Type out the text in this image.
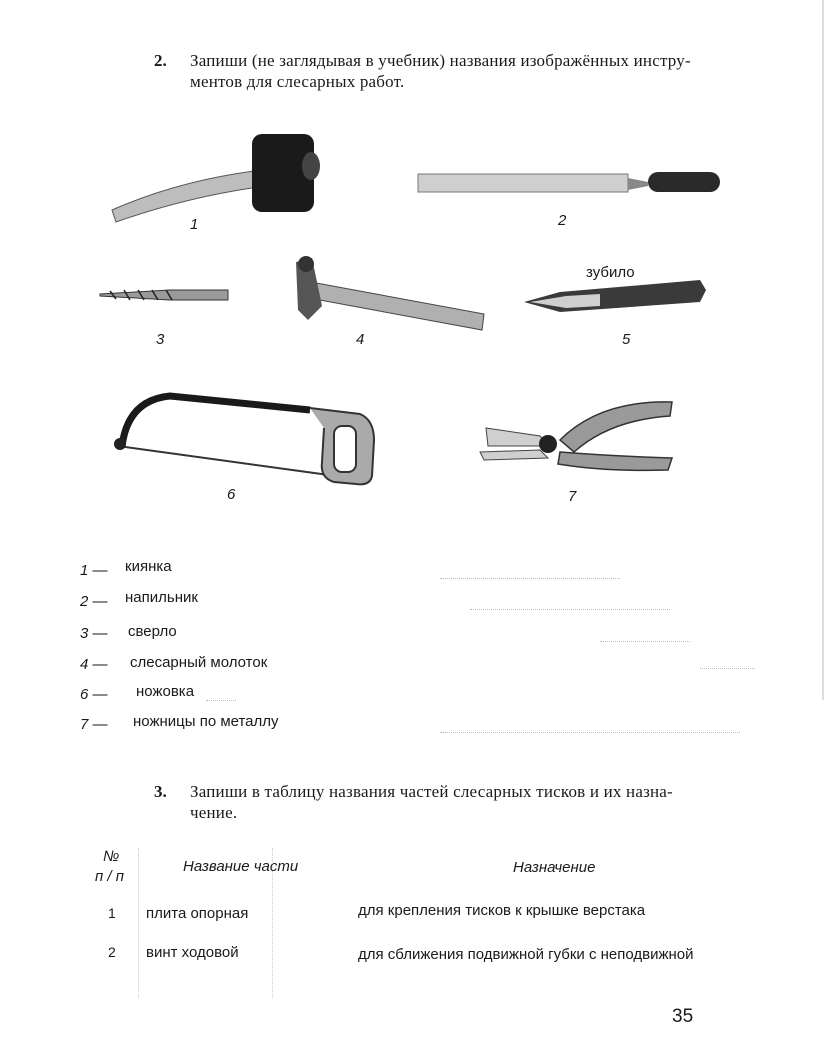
2. Запиши (не заглядывая в учебник) названия изображённых инстру-
ментов для слесарных работ.
1	2
3	4
зубило
5
6	7
1 — киянка
2 — напильник
3 — сверло
4 — слесарный молоток
6 — ножовка
7 — ножницы по металлу
3. Запиши в таблицу названия частей слесарных тисков и их назна-
чение.
№
п / п
Название части	Назначение
1 плита опорная	для крепления тисков к крышке верстака
2 винт ходовой	для сближения подвижной губки с неподвижной
35
